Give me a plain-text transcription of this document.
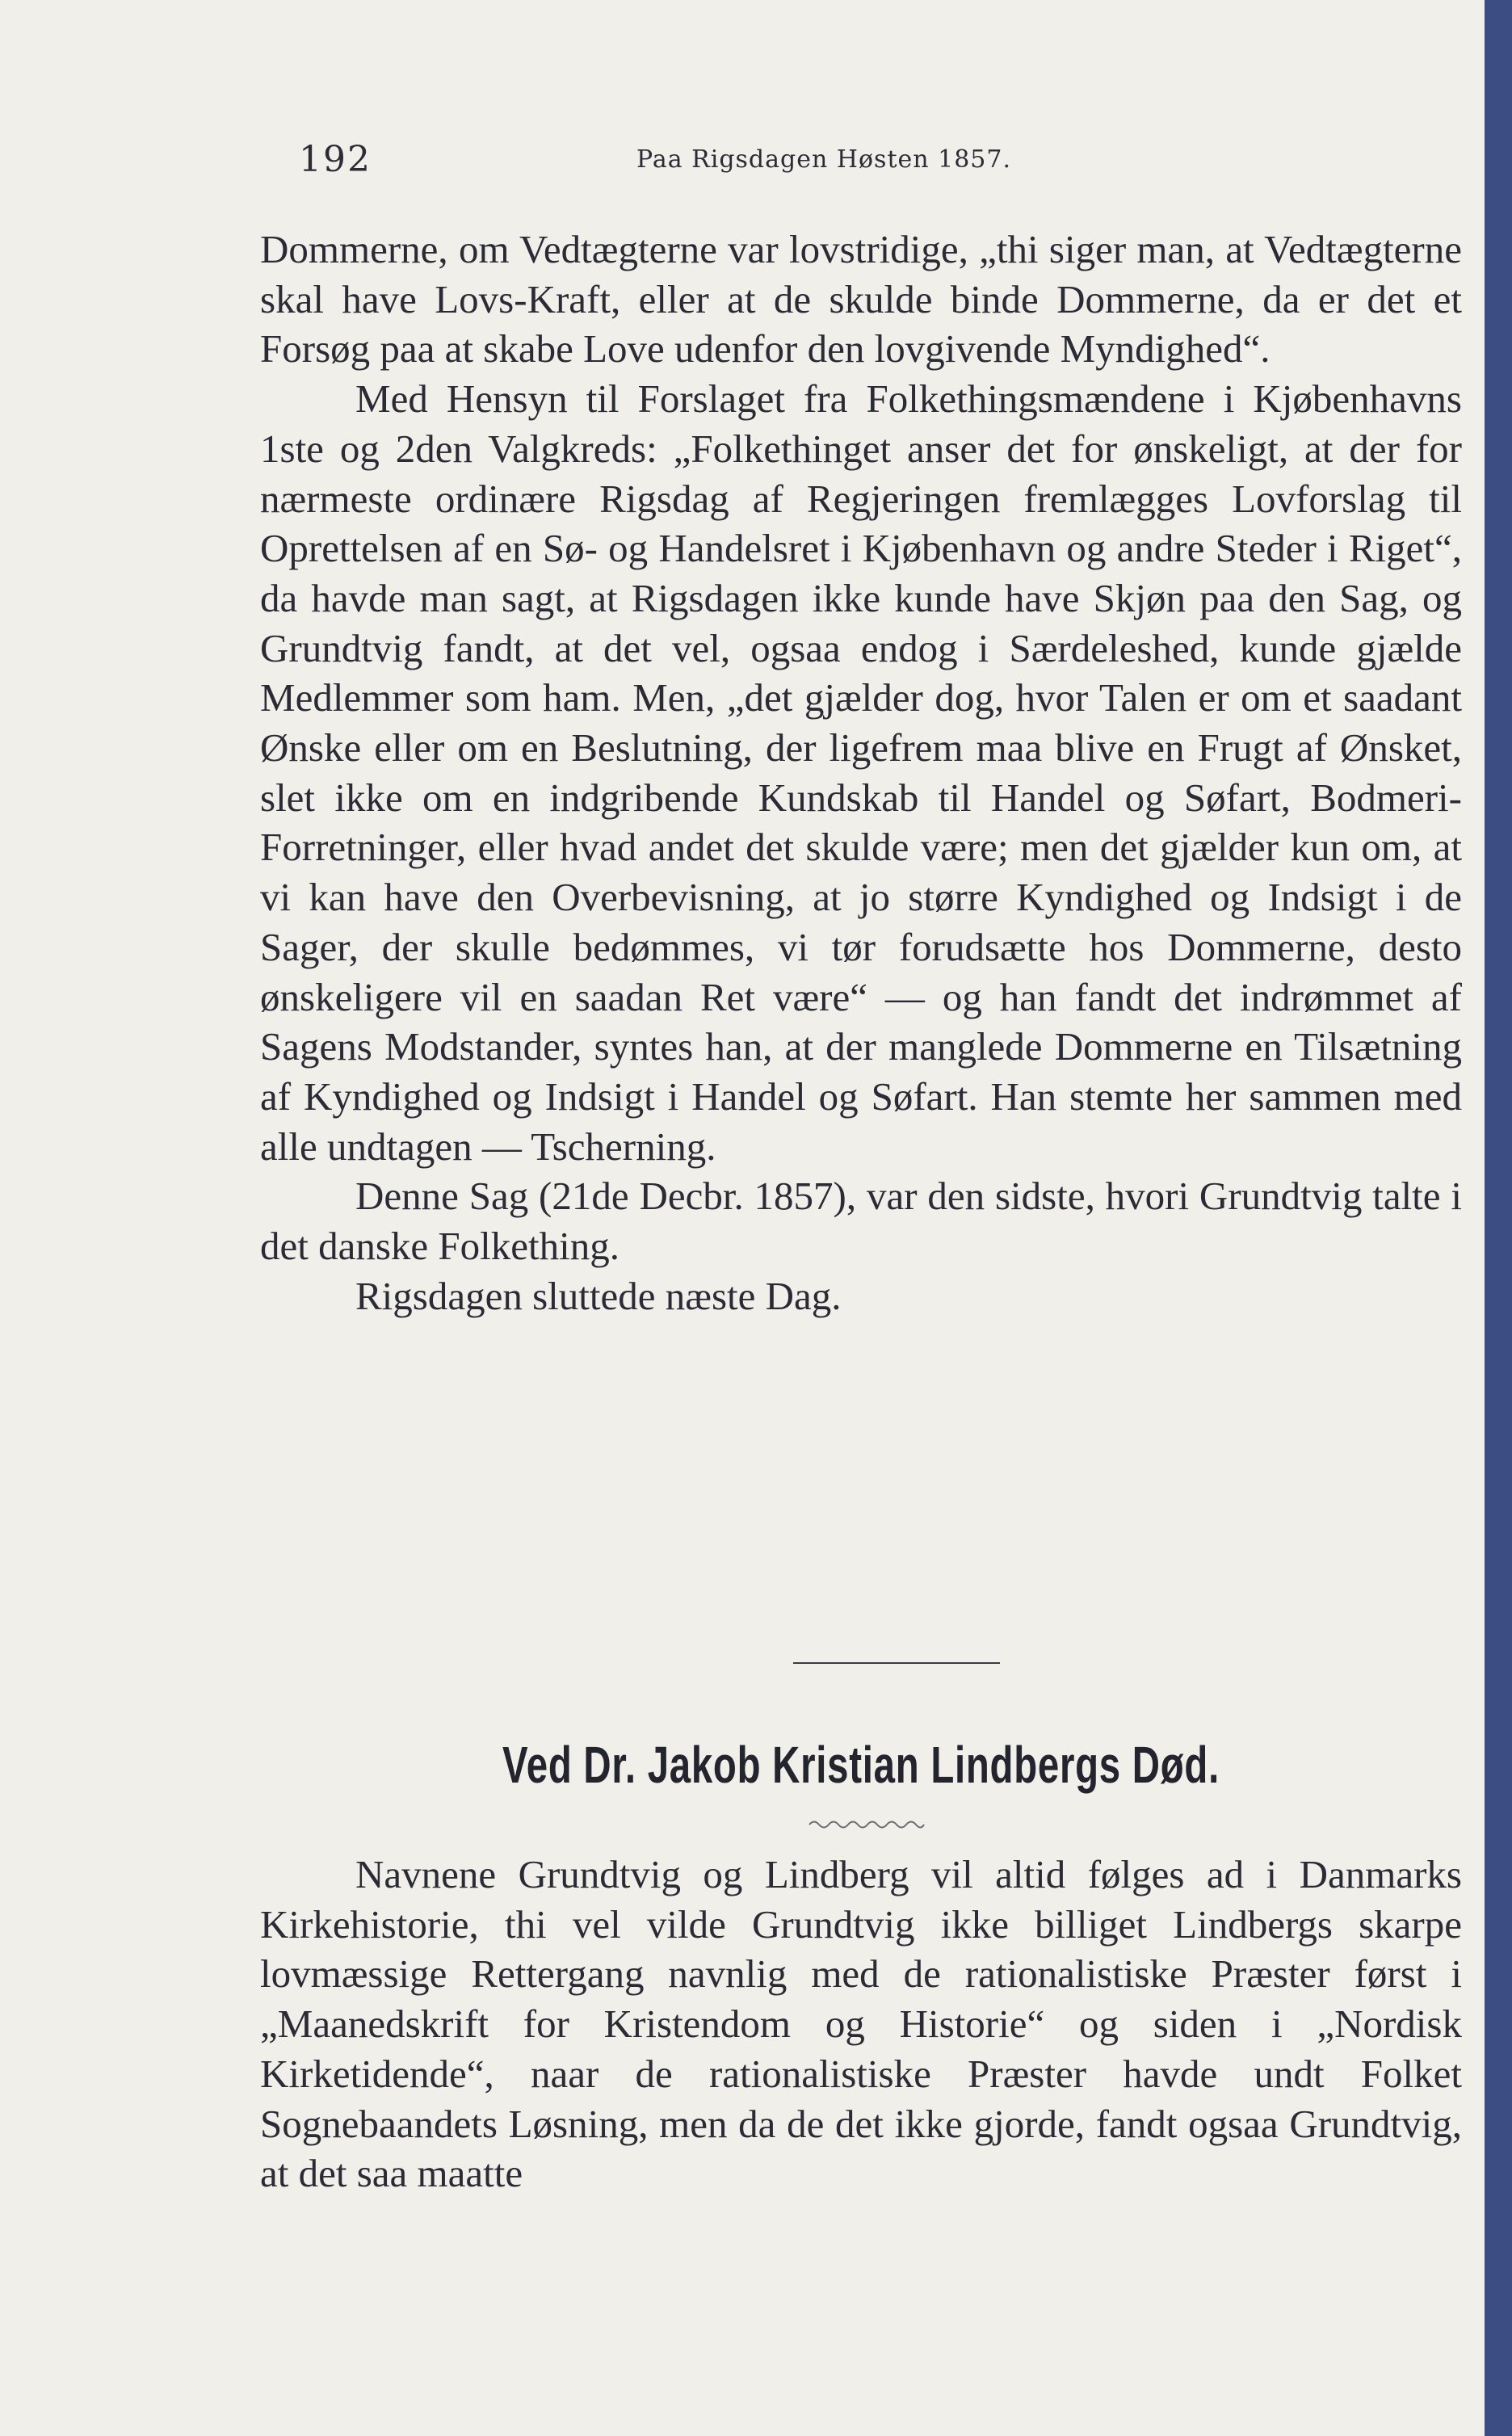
192	Paa Rigsdagen Høsten 1857.

Dommerne, om Vedtægterne var lovstridige, „thi siger man, at Vedtægterne skal have Lovs-Kraft, eller at de skulde binde Dommerne, da er det et Forsøg paa at skabe Love udenfor den lovgivende Myndighed“.

Med Hensyn til Forslaget fra Folkethingsmændene i Kjøbenhavns 1ste og 2den Valgkreds: „Folkethinget anser det for ønskeligt, at der for nærmeste ordinære Rigsdag af Regjeringen fremlægges Lovforslag til Oprettelsen af en Sø- og Handelsret i Kjøbenhavn og andre Steder i Riget“, da havde man sagt, at Rigsdagen ikke kunde have Skjøn paa den Sag, og Grundtvig fandt, at det vel, ogsaa endog i Særdeleshed, kunde gjælde Medlemmer som ham. Men, „det gjælder dog, hvor Talen er om et saadant Ønske eller om en Beslutning, der ligefrem maa blive en Frugt af Ønsket, slet ikke om en indgribende Kundskab til Handel og Søfart, Bodmeri-Forretninger, eller hvad andet det skulde være; men det gjælder kun om, at vi kan have den Overbevisning, at jo større Kyndighed og Indsigt i de Sager, der skulle bedømmes, vi tør forudsætte hos Dommerne, desto ønskeligere vil en saadan Ret være“ — og han fandt det indrømmet af Sagens Modstander, syntes han, at der manglede Dommerne en Tilsætning af Kyndighed og Indsigt i Handel og Søfart. Han stemte her sammen med alle undtagen — Tscherning.

Denne Sag (21de Decbr. 1857), var den sidste, hvori Grundtvig talte i det danske Folkething.

Rigsdagen sluttede næste Dag.

Ved Dr. Jakob Kristian Lindbergs Død.

Navnene Grundtvig og Lindberg vil altid følges ad i Danmarks Kirkehistorie, thi vel vilde Grundtvig ikke billiget Lindbergs skarpe lovmæssige Rettergang navnlig med de rationalistiske Præster først i „Maanedskrift for Kristendom og Historie“ og siden i „Nordisk Kirketidende“, naar de rationalistiske Præster havde undt Folket Sognebaandets Løsning, men da de det ikke gjorde, fandt ogsaa Grundtvig, at det saa maatte
